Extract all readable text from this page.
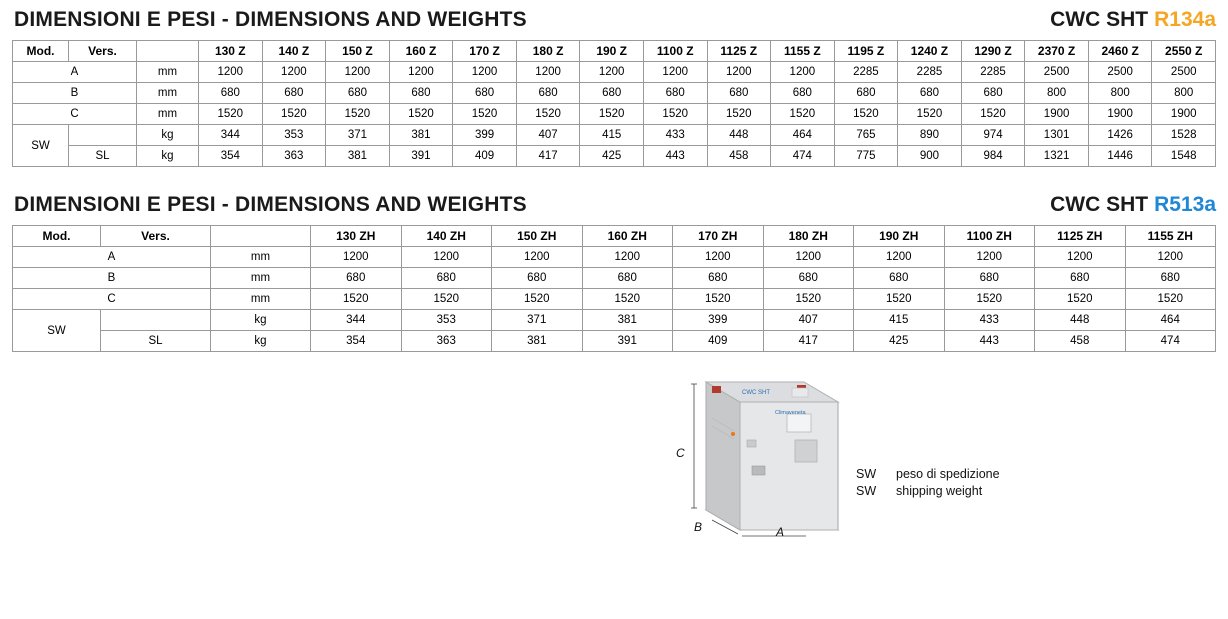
DIMENSIONI E PESI - DIMENSIONS AND WEIGHTS	CWC SHT R134a
Mod.	Vers.		130 Z	140 Z	150 Z	160 Z	170 Z	180 Z	190 Z	1100 Z	1125 Z	1155 Z	1195 Z	1240 Z	1290 Z	2370 Z	2460 Z	2550 Z
A		mm	1200	1200	1200	1200	1200	1200	1200	1200	1200	1200	2285	2285	2285	2500	2500	2500
B		mm	680	680	680	680	680	680	680	680	680	680	680	680	680	800	800	800
C		mm	1520	1520	1520	1520	1520	1520	1520	1520	1520	1520	1520	1520	1520	1900	1900	1900
SW		kg	344	353	371	381	399	407	415	433	448	464	765	890	974	1301	1426	1528
	SL	kg	354	363	381	391	409	417	425	443	458	474	775	900	984	1321	1446	1548
DIMENSIONI E PESI - DIMENSIONS AND WEIGHTS	CWC SHT R513a
Mod.	Vers.		130 ZH	140 ZH	150 ZH	160 ZH	170 ZH	180 ZH	190 ZH	1100 ZH	1125 ZH	1155 ZH
A		mm	1200	1200	1200	1200	1200	1200	1200	1200	1200	1200
B		mm	680	680	680	680	680	680	680	680	680	680
C		mm	1520	1520	1520	1520	1520	1520	1520	1520	1520	1520
SW		kg	344	353	371	381	399	407	415	433	448	464
	SL	kg	354	363	381	391	409	417	425	443	458	474
CWC SHT
Climaveneta
C
B	A
SW	peso di spedizione
SW	shipping weight
